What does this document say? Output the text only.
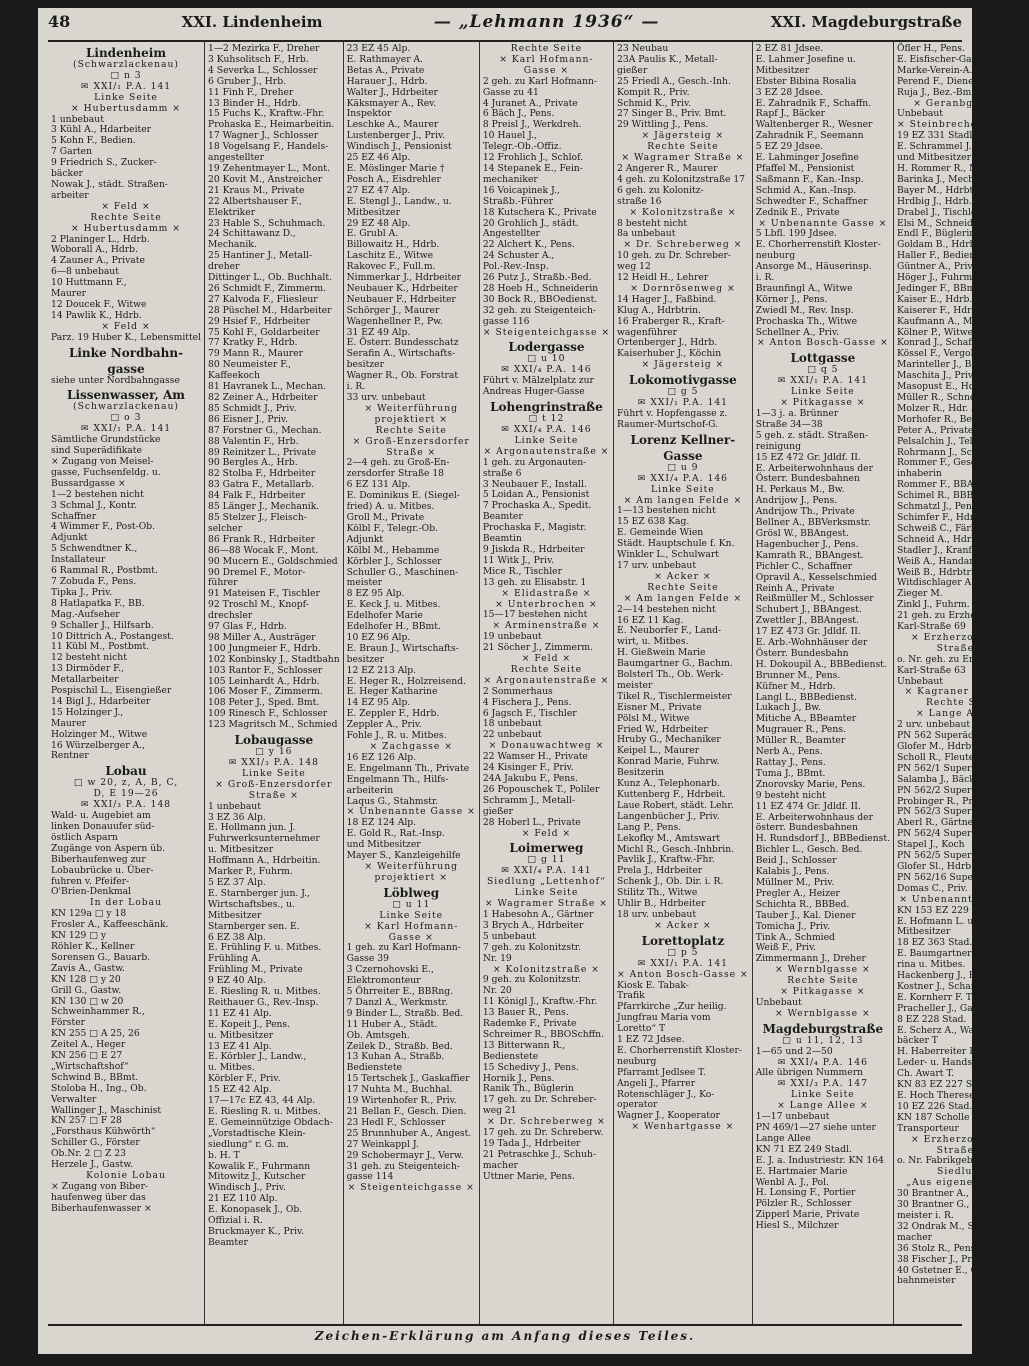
48	XXI. Lindenheim	— „Lehmann 1936“ —	XXI. Magdeburgstraße
Lindenheim
(Schwarzlackenau)
□ n 3
✉ XXI/₁ P.A. 141
Linke Seite
× Hubertusdamm ×
1 unbebaut
3 Kühl A., Hdarbeiter
5 Kohn F., Bedien.
7 Garten
9 Friedrich S., Zucker-
bäcker
Nowak J., städt. Straßen-
arbeiter
× Feld ×
Rechte Seite
× Hubertusdamm ×
2 Planinger L., Hdrb.
Woborall A., Hdrb.
4 Zauner A., Private
6—8 unbebaut
10 Huttmann F.,
Maurer
12 Doucek F., Witwe
14 Pawlik K., Hdrb.
× Feld ×
Parz. 19 Huber K., Lebensmittel
Linke Nordbahn-
gasse
siehe unter Nordbahngasse
Lissenwasser, Am
(Schwarzlackenau)
□ o 3
✉ XXI/₁ P.A. 141
Sämtliche Grundstücke
sind Superädifikate
× Zugang von Meisel-
gasse, Fuchsenfeldg. u.
Bussardgasse ×
1—2 bestehen nicht
3 Schmal J., Kontr.
Schaffner
4 Wimmer F., Post-Ob.
Adjunkt
5 Schwendtner K.,
Installateur
6 Rammal R., Postbmt.
7 Zobuda F., Pens.
Tipka J., Priv.
8 Hatlapatka F., BB.
Mag.-Aufseher
9 Schaller J., Hilfsarb.
10 Dittrich A., Postangest.
11 Kübl M., Postbmt.
12 besteht nicht
13 Dirmöder F.,
Metallarbeiter
Pospischil L., Eisengießer
14 Bigl J., Hdarbeiter
15 Holzinger J.,
Maurer
Holzinger M., Witwe
16 Würzelberger A.,
Rentner
Lobau
□ w 20, z, A, B, C,
D, E 19—26
✉ XXI/₃ P.A. 148
Wald- u. Augebiet am
linken Donauufer süd-
östlich Asparn
Zugänge von Aspern üb.
Biberhaufenweg zur
Lobaubrücke u. Über-
fuhren v. Pfeifer-
O'Brien-Denkmal
In der Lobau
KN 129a □ y 18
Frosler A., Kaffeeschänk.
KN 129 □ y
Röhler K., Kellner
Sorensen G., Bauarb.
Zavis A., Gastw.
KN 128 □ y 20
Grill G., Gastw.
KN 130 □ w 20
Schweinhammer R.,
Förster
KN 255 □ A 25, 26
Zeitel A., Heger
KN 256 □ E 27
„Wirtschaftshof“
Schwind B., BBmt.
Stoloba H., Ing., Ob.
Verwalter
Wallinger J., Maschinist
KN 257 □ F 28
„Forsthaus Kühwörth“
Schiller G., Förster
Ob.Nr. 2 □ Z 23
Herzele J., Gastw.
Kolonie Lobau
× Zugang von Biber-
haufenweg über das
Biberhaufenwasser ×
1—2 Mezirka F., Dreher
3 Kuhsolitsch F., Hrb.
4 Severka L., Schlosser
6 Gruber J., Hrb.
11 Finh F., Dreher
13 Binder H., Hdrb.
15 Fuchs K., Kraftw.-Fhr.
Prohaska E., Heimarbeitin.
17 Wagner J., Schlosser
18 Vogelsang F., Handels-
angestellter
19 Zehentmayer L., Mont.
20 Kovit M., Anstreicher
21 Kraus M., Private
22 Albertshauser F.,
Elektriker
23 Hable S., Schuhmach.
24 Schittawanz D.,
Mechanik.
25 Hantiner J., Metall-
dreher
Dittinger L., Ob. Buchhalt.
26 Schmidt F., Zimmerm.
27 Kalvoda F., Fliesleur
28 Püschel M., Hdarbeiter
29 Hsief F., Hdrbeiter
75 Kohl F., Goldarbeiter
77 Kratky F., Hdrb.
79 Mann R., Maurer
80 Neumeister F.,
Kaffeekoch
81 Havranek L., Mechan.
82 Zeiner A., Hdrbeiter
85 Schmidt J., Priv.
86 Eisner J., Priv.
87 Forstner G., Mechan.
88 Valentin F., Hrb.
89 Reinitzer L., Private
90 Bergles A., Hrb.
82 Stolba F., Hdrbeiter
83 Gatra F., Metallarb.
84 Falk F., Hdrbeiter
85 Länger J., Mechanik.
85 Stelzer J., Fleisch-
selcher
86 Frank R., Hdrbeiter
86—88 Wocak F., Mont.
90 Mucern E., Goldschmied
90 Dremel F., Motor-
führer
91 Mateisen F., Tischler
92 Troschl M., Knopf-
drechsler
97 Glas F., Hdrb.
98 Miller A., Austräger
100 Jungmeier F., Hdrb.
102 Konbinsky J., Stadtbahn
103 Rantor F., Schlosser
105 Leinhardt A., Hdrb.
106 Moser F., Zimmerm.
108 Peter J., Sped. Bmt.
109 Rinesch F., Schlosser
123 Magritsch M., Schmied
Lobaugasse
□ y 16
✉ XXI/₃ P.A. 148
Linke Seite
× Groß-Enzersdorfer
Straße ×
1 unbebaut
3 EZ 36 Alp.
E. Hollmann jun. J.
Fuhrwerksunternehmer
u. Mitbesitzer
Hoffmann A., Hdrbeitin.
Marker P., Fuhrm.
5 EZ 37 Alp.
E. Starnberger jun. J.,
Wirtschaftsbes., u.
Mitbesitzer
Starnberger sen. E.
6 EZ 38 Alp.
E. Frühling F. u. Mitbes.
Frühling A.
Frühling M., Private
9 EZ 40 Alp.
E. Riesling R. u. Mitbes.
Reithauer G., Rev.-Insp.
11 EZ 41 Alp.
E. Kopeit J., Pens.
u. Mitbesitzer
13 EZ 41 Alp.
E. Körbler J., Landw.,
u. Mitbes.
Körbler F., Priv.
15 EZ 42 Alp.
17—17c EZ 43, 44 Alp.
E. Riesling R. u. Mitbes.
E. Gemeinnützige Obdach-
„Vorstadtische Klein-
siedlung“ r. G. m.
b. H. T
Kowalik F., Fuhrmann
Mitowitz J., Kutscher
Windisch J., Priv.
21 EZ 110 Alp.
E. Konopasek J., Ob.
Offizial i. R.
Bruckmayer K., Priv.
Beamter
23 EZ 45 Alp.
E. Rathmayer A.
Betas A., Private
Harauer J., Hdrb.
Walter J., Hdrbeiter
Käksmayer A., Rev.
Inspektor
Leschke A., Maurer
Lustenberger J., Priv.
Windisch J., Pensionist
25 EZ 46 Alp.
E. Möslinger Marie †
Posch A., Eisdrehler
27 EZ 47 Alp.
E. Stengl J., Landw., u.
Mitbesitzer
29 EZ 48 Alp.
E. Grubl A.
Billowaitz H., Hdrb.
Laschitz E., Witwe
Rakovec F., Full.m.
Nimmerkar J., Hdrbeiter
Neubauer K., Hdrbeiter
Neubauer F., Hdrbeiter
Schörger J., Maurer
Wagenhellner P., Pw.
31 EZ 49 Alp.
E. Österr. Bundesschatz
Serafin A., Wirtschafts-
besitzer
Wagner R., Ob. Forstrat
i. R.
33 urv. unbebaut
× Weiterführung
projektiert ×
Rechte Seite
× Groß-Enzersdorfer
Straße ×
2—4 geh. zu Groß-En-
zersdorfer Straße 18
6 EZ 131 Alp.
E. Dominikus E. (Siegel-
fried) A. u. Mitbes.
Groll M., Private
Kölbl F., Telegr.-Ob.
Adjunkt
Kölbl M., Hebamme
Körbler J., Schlosser
Schuller G., Maschinen-
meister
8 EZ 95 Alp.
E. Keck J. u. Mitbes.
Edelhofer Marie
Edelhofer H., BBmt.
10 EZ 96 Alp.
E. Braun J., Wirtschafts-
besitzer
12 EZ 213 Alp.
E. Heger R., Holzreisend.
E. Heger Katharine
14 EZ 95 Alp.
E. Zeppler F., Hdrb.
Zeppler A., Priv.
Fohle J., R. u. Mitbes.
× Zachgasse ×
16 EZ 126 Alp.
E. Engelmann Th., Private
Engelmann Th., Hilfs-
arbeiterin
Laqus G., Stahmstr.
× Unbenannte Gasse ×
18 EZ 124 Alp.
E. Gold R., Rat.-Insp.
und Mitbesitzer
Mayer S., Kanzleigehilfe
× Weiterführung
projektiert ×
Löblweg
□ u 11
Linke Seite
× Karl Hofmann-
Gasse ×
1 geh. zu Karl Hofmann-
Gasse 39
3 Czernohovski E.,
Elektromonteur
5 Öhrreiter E., BBRng.
7 Danzl A., Werkmstr.
9 Binder L., Straßb. Bed.
11 Huber A., Städt.
Ob. Amtsgeh.
Zeilek D., Straßb. Bed.
13 Kuhan A., Straßb.
Bedienstete
15 Tertschek J., Gaskaffier
17 Nuhta M., Buchhal.
19 Wirtenhofer R., Priv.
21 Bellan F., Gesch. Dien.
23 Hedl F., Schlosser
25 Brunnhuber A., Angest.
27 Weinkappl J.
29 Schobermayr J., Verw.
31 geh. zu Steigenteich-
gasse 114
× Steigenteichgasse ×
Rechte Seite
× Karl Hofmann-
Gasse ×
2 geh. zu Karl Hofmann-
Gasse zu 41
4 Juranet A., Private
6 Bäch J., Pens.
8 Preisl J., Werkdreh.
10 Hauel J.,
Telegr.-Ob.-Offiz.
12 Frohlich J., Schlof.
14 Stepanek E., Fein-
mechaniker
16 Voicapinek J.,
Straßb.-Führer
18 Kutschera K., Private
20 Grohlich J., städt.
Angestellter
22 Alchert K., Pens.
24 Schuster A.,
Pol.-Rev.-Insp.
26 Putz J., Straßb.-Bed.
28 Hoeb H., Schneiderin
30 Bock R., BBOedienst.
32 geh. zu Steigenteich-
gasse 116
× Steigenteichgasse ×
Lodergasse
□ u 10
✉ XXI/₄ P.A. 146
Führt v. Mälzelplatz zur
Andreas Huger-Gasse
Lohengrinstraße
□ t 12
✉ XXI/₄ P.A. 146
Linke Seite
× Argonautenstraße ×
1 geh. zu Argonauten-
straße 6
3 Neubauer F., Install.
5 Loidan A., Pensionist
7 Prochaska A., Spedit.
Beamter
Prochaska F., Magistr.
Beamtin
9 Jiskda R., Hdrbeiter
11 Witk J., Priv.
Mice R., Tischler
13 geh. zu Elisabstr. 1
× Elidastraße ×
× Unterbrochen ×
15—17 bestehen nicht
× Arminenstraße ×
19 unbebaut
21 Söcher J., Zimmerm.
× Feld ×
Rechte Seite
× Argonautenstraße ×
2 Sommerhaus
4 Fischera J., Pens.
6 Jagsch F., Tischler
18 unbebaut
22 unbebaut
× Donauwachtweg ×
22 Wamser H., Private
24 Kisinger F., Priv.
24A Jakubu F., Pens.
26 Popouschek T., Poliler
Schramm J., Metall-
gießer
28 Hoberl L., Private
× Feld ×
Loimerweg
□ g 11
✉ XXI/₄ P.A. 141
Siedlung „Lettenhof“
Linke Seite
× Wagramer Straße ×
1 Habesohn A., Gärtner
3 Brych A., Hdrbeiter
5 unbebaut
7 geh. zu Kolonitzstr.
Nr. 19
× Kolonitzstraße ×
9 geh. zu Kolonitzstr.
Nr. 20
11 Königl J., Kraftw.-Fhr.
13 Bauer R., Pens.
Rademke F., Private
Schreimer R., BBOSchffn.
13 Bitterwann R.,
Bedienstete
15 Schedivy J., Pens.
Hornik J., Pens.
Ranik Th., Büglerin
17 geh. zu Dr. Schreber-
weg 21
× Dr. Schreberweg ×
17 geh. zu Dr. Schreberw.
19 Tada J., Hdrbeiter
21 Petraschke J., Schuh-
macher
Uttner Marie, Pens.
23 Neubau
23A Paulis K., Metall-
gießer
25 Friedl A., Gesch.-Inh.
Kompit R., Priv.
Schmid K., Priv.
27 Singer B., Priv. Bmt.
29 Wittling J., Pens.
× Jägersteig ×
Rechte Seite
× Wagramer Straße ×
2 Angerer R., Maurer
4 geh. zu Kolonitzstraße 17
6 geh. zu Kolonitz-
straße 16
× Kolonitzstraße ×
8 besteht nicht
8a unbebaut
× Dr. Schreberweg ×
10 geh. zu Dr. Schreber-
weg 12
12 Heidl H., Lehrer
× Dornrösenweg ×
14 Hager J., Faßbind.
Klug A., Hdrbtrin.
16 Fraberger R., Kraft-
wagenführer
Ortenberger J., Hdrb.
Kaiserhuber J., Köchin
× Jägersteig ×
Lokomotivgasse
□ g 5
✉ XXI/₁ P.A. 141
Führt v. Hopfengasse z.
Raumer-Murtschof-G.
Lorenz Kellner-
Gasse
□ u 9
✉ XXI/₄ P.A. 146
Linke Seite
× Am langen Felde ×
1—13 bestehen nicht
15 EZ 638 Kag.
E. Gemeinde Wien
Städt. Hauptschule f. Kn.
Winkler L., Schulwart
17 urv. unbebaut
× Acker ×
Rechte Seite
× Am langen Felde ×
2—14 bestehen nicht
16 EZ 11 Kag.
E. Neuborfer F., Land-
wirt, u. Mitbes.
H. Gießwein Marie
Baumgartner G., Bachm.
Bolsterl Th., Ob. Werk-
meister
Tikel R., Tischlermeister
Eisner M., Private
Pölsl M., Witwe
Fried W., Hdrbeiter
Hruby G., Mechaniker
Keipel L., Maurer
Konrad Marie, Fuhrw.
Besitzerin
Kunz A., Telephonarb.
Kuttenberg F., Hdrbeit.
Laue Robert, städt. Lehr.
Langenbücher J., Priv.
Lang P., Pens.
Lekofky M., Amtswart
Michl R., Gesch.-Inhbrin.
Pavlik J., Kraftw.-Fhr.
Prela J., Hdrbeiter
Schenk J., Ob. Dir. i. R.
Stilitz Th., Witwe
Uhlir B., Hdrbeiter
18 urv. unbebaut
× Acker ×
Lorettoplatz
□ p 5
✉ XXI/₁ P.A. 141
× Anton Bosch-Gasse ×
Kiosk E. Tabak-
Trafik
Pfarrkirche „Zur heilig.
Jungfrau Maria vom
Loretto“ T
1 EZ 72 Jdsee.
E. Chorherrenstift Kloster-
neuburg
Pfarramt Jedlsee T.
Angeli J., Pfarrer
Rotenschläger J., Ko-
operator
Wagner J., Kooperator
× Wenhartgasse ×
2 EZ 81 Jdsee.
E. Lahmer Josefine u.
Mitbesitzer
Ebster Bibina Rosalia
3 EZ 28 Jdsee.
E. Zahradnik F., Schaffn.
Rapf J., Bäcker
Waltenberger R., Wesner
Zahradnik F., Seemann
5 EZ 29 Jdsee.
E. Lahminger Josefine
Pfaffel M., Pensionist
Saßmann F., Kan.-Insp.
Schmid A., Kan.-Insp.
Schwedter F., Schaffner
Zednik E., Private
× Unbenannte Gasse ×
5 Lbfl. 199 Jdsee.
E. Chorherrenstift Kloster-
neuburg
Ansorge M., Häuserinsp.
i. R.
Braunfingl A., Witwe
Körner J., Pens.
Zwiedl M., Rev. Insp.
Prochaska Th., Witwe
Schellner A., Priv.
× Anton Bosch-Gasse ×
Lottgasse
□ q 5
✉ XXI/₁ P.A. 141
Linke Seite
× Pitkagasse ×
1—3 j. a. Brünner
Straße 34—38
5 geh. z. städt. Straßen-
reinigung
15 EZ 472 Gr. Jdldf. II.
E. Arbeiterwohnhaus der
Österr. Bundesbahnen
H. Perkaus M., Bw.
Andrijow J., Pens.
Andrijow Th., Private
Bellner A., BBVerksmstr.
Grösl W., BBAngest.
Hagenbucher J., Pens.
Kamrath R., BBAngest.
Pichler C., Schaffner
Opravil A., Kesselschmied
Reinh A., Private
Reißmüller M., Schlosser
Schubert J., BBAngest.
Zwettler J., BBAngest.
17 EZ 473 Gr. Jdldf. II.
E. Arb.-Wohnhäuser der
Österr. Bundesbahn
H. Dokoupil A., BBBedienst.
Brunner M., Pens.
Küfner M., Hdrb.
Langl L., BBBedienst.
Lukach J., Bw.
Mitiche A., BBeamter
Mugrauer R., Pens.
Müller R., Beamter
Nerb A., Pens.
Rattay J., Pens.
Tuma J., BBmt.
Znorovsky Marie, Pens.
9 besteht nicht
11 EZ 474 Gr. Jdldf. II.
E. Arbeiterwohnhaus der
österr. Bundesbahnen
H. Rundsdorf J., BBBedienst.
Bichler L., Gesch. Bed.
Beid J., Schlosser
Kalabis J., Pens.
Müllner M., Priv.
Pregler A., Heizer
Schichta R., BBBed.
Tauber J., Kal. Diener
Tomicha J., Priv.
Tink A., Schmied
Weiß F., Priv.
Zimmermann J., Dreher
× Wernblgasse ×
Rechte Seite
× Pitkagasse ×
Unbebaut
× Wernblgasse ×
Magdeburgstraße
□ u 11, 12, 13
1—65 und 2—50
✉ XXI/₄ P.A. 146
Alle übrigen Nummern
✉ XXI/₃ P.A. 147
Linke Seite
× Lange Allee ×
1—17 unbebaut
PN 469/1—27 siehe unter
Lange Allee
KN 71 EZ 249 Stadl.
E. J. a. Industriestr. KN 164
E. Hartmaier Marie
Wenbl A. J., Pol.
H. Lonsing F., Portier
Pölzler R., Schlosser
Zipperl Marie, Private
Hiesl S., Milchzer
Öfler H., Pens.
E. Eisfischer-Garde-
Marke-Verein-A.G.
Perend F., Diener
Ruja J., Bez.-Bmt.
× Geranbgasse ×
Unbebaut
× Steinbrechergasse ×
19 EZ 331 Stadl.
E. Schrammel J., Priv.
und Mitbesitzer
H. Rommer R., Mechaniker
Barinka J., Mechaniker
Bayer M., Hdrbtrin.
Hrdbig J., Hdrb.
Drabel J., Tischler
Elsi M., Schneiderin
Endl F., Büglerin
Goldam B., Hdrb.
Haller F., Bedienerin
Güntner A., Priv.
Höger J., Fuhrmann
Jedinger F., BBmt.
Kaiser E., Hdrb.
Kaiserer F., Hdrb.
Kaufmann A., Maler
Kölner P., Witwe
Konrad J., Schaffner
Kössel F., Vergolder
Marinteller J., BBmt.
Maschita J., Private
Masopust E., Hdrb.
Müller R., Schneider
Molzer R., Hdr. Angest.
Morhofer R., Bedien.
Peter A., Private
Pelsalchin J., Tel. Adjkt.
Rohrmann J., Schlosser
Rommer F., Gesellschafts-
inhaberin
Rommer F., BBAngest.
Schimel R., BBBedienst.
Schmatzl J., Pens.
Schimfer F., Hdrb.
Schweiß C., Färbeardt.
Schneid A., Hdrb.
Stadler J., Kranführer
Weiß A., Handarbeiter.
Weiß B., Hdrbtrin.
Witdischlager A., Bw.
Zieger M.
Zinkl J., Fuhrm.
21 geh. zu Erzherzog
Karl-Straße 69
× Erzherzog Karl-
Straße ×
o. Nr. geh. zu Erzherzog
Karl-Straße 63
Unbebaut
× Kagraner Anger ×
Rechte Seite
× Lange Allee ×
2 urv. unbebaut
PN 562 Superädifikat
Glofer M., Hdrbtrin.
Scholl R., Fleuterin
PN 562/1 Superädifikat
Salamba J., Bäcker
PN 562/2 Superädifikat
Probinger R., Private
PN 562/3 Superädifikat
Aberl R., Gärtner
PN 562/4 Superädifikat
Stapel J., Koch
PN 562/5 Superädifikat
Glofer Sl., Hdrb.
PN 562/16 Superädifikat
Domas C., Priv.
× Unbenannter Weg ×
KN 153 EZ 229 Stad.
E. Hofmann L. und
Mitbesitzer
18 EZ 363 Stad.
E. Baumgartner Katha-
rina u. Mitbes.
Hackenberg J., Friseur
Kostner J., Schaffner
E. Kornherr F. T
Pracheller J., Gastwirtin
8 EZ 228 Stad.
E. Scherz A., Waffel-
bäcker T
H. Haberreiter F.
Leder- u. Handschuhfbrk.
Ch. Awart T.
KN 83 EZ 227 Stad.
E. Hoch Therese
10 EZ 226 Stad.
KN 187 Scholle O.
Transporteur
× Erzherzog Karl-
Straße ×
o. Nr. Fabrikgebäude
Siedlung
„Aus eigener Kraft“
30 Brantner A., Bmt.
30 Brantner G., Werk-
meister i. R.
32 Ondrak M., Schuh-
macher
36 Stolz R., Pens.
38 Fischer J., Priv.
40 Gstetner E., Ober-
bahnmeister
Zeichen-Erklärung am Anfang dieses Teiles.
